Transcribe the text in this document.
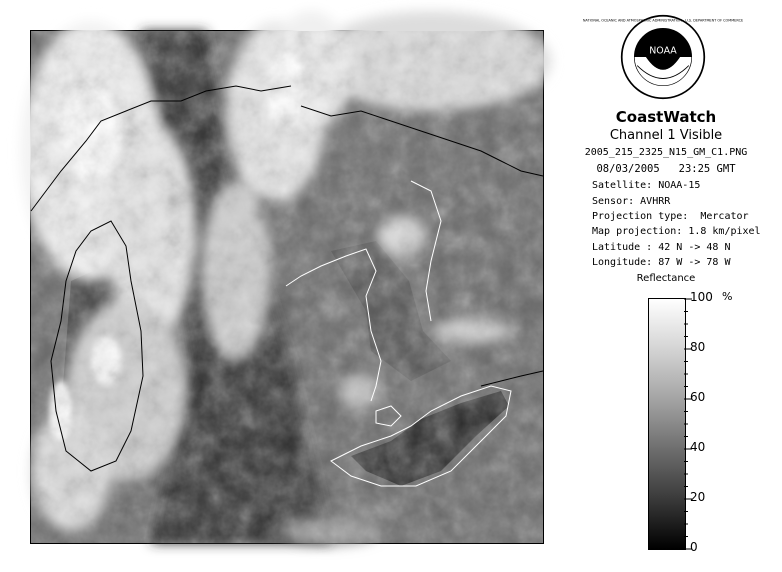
NOAA
NATIONAL OCEANIC AND ATMOSPHERIC ADMINISTRATION · U.S. DEPARTMENT OF COMMERCE
CoastWatch
Channel 1 Visible
2005_215_2325_N15_GM_C1.PNG
08/03/2005   23:25 GMT
Satellite: NOAA-15
Sensor: AVHRR
Projection type:  Mercator
Map projection: 1.8 km/pixel
Latitude : 42 N -> 48 N
Longitude: 87 W -> 78 W
Reflectance
100
80
60
40
20
0
%
